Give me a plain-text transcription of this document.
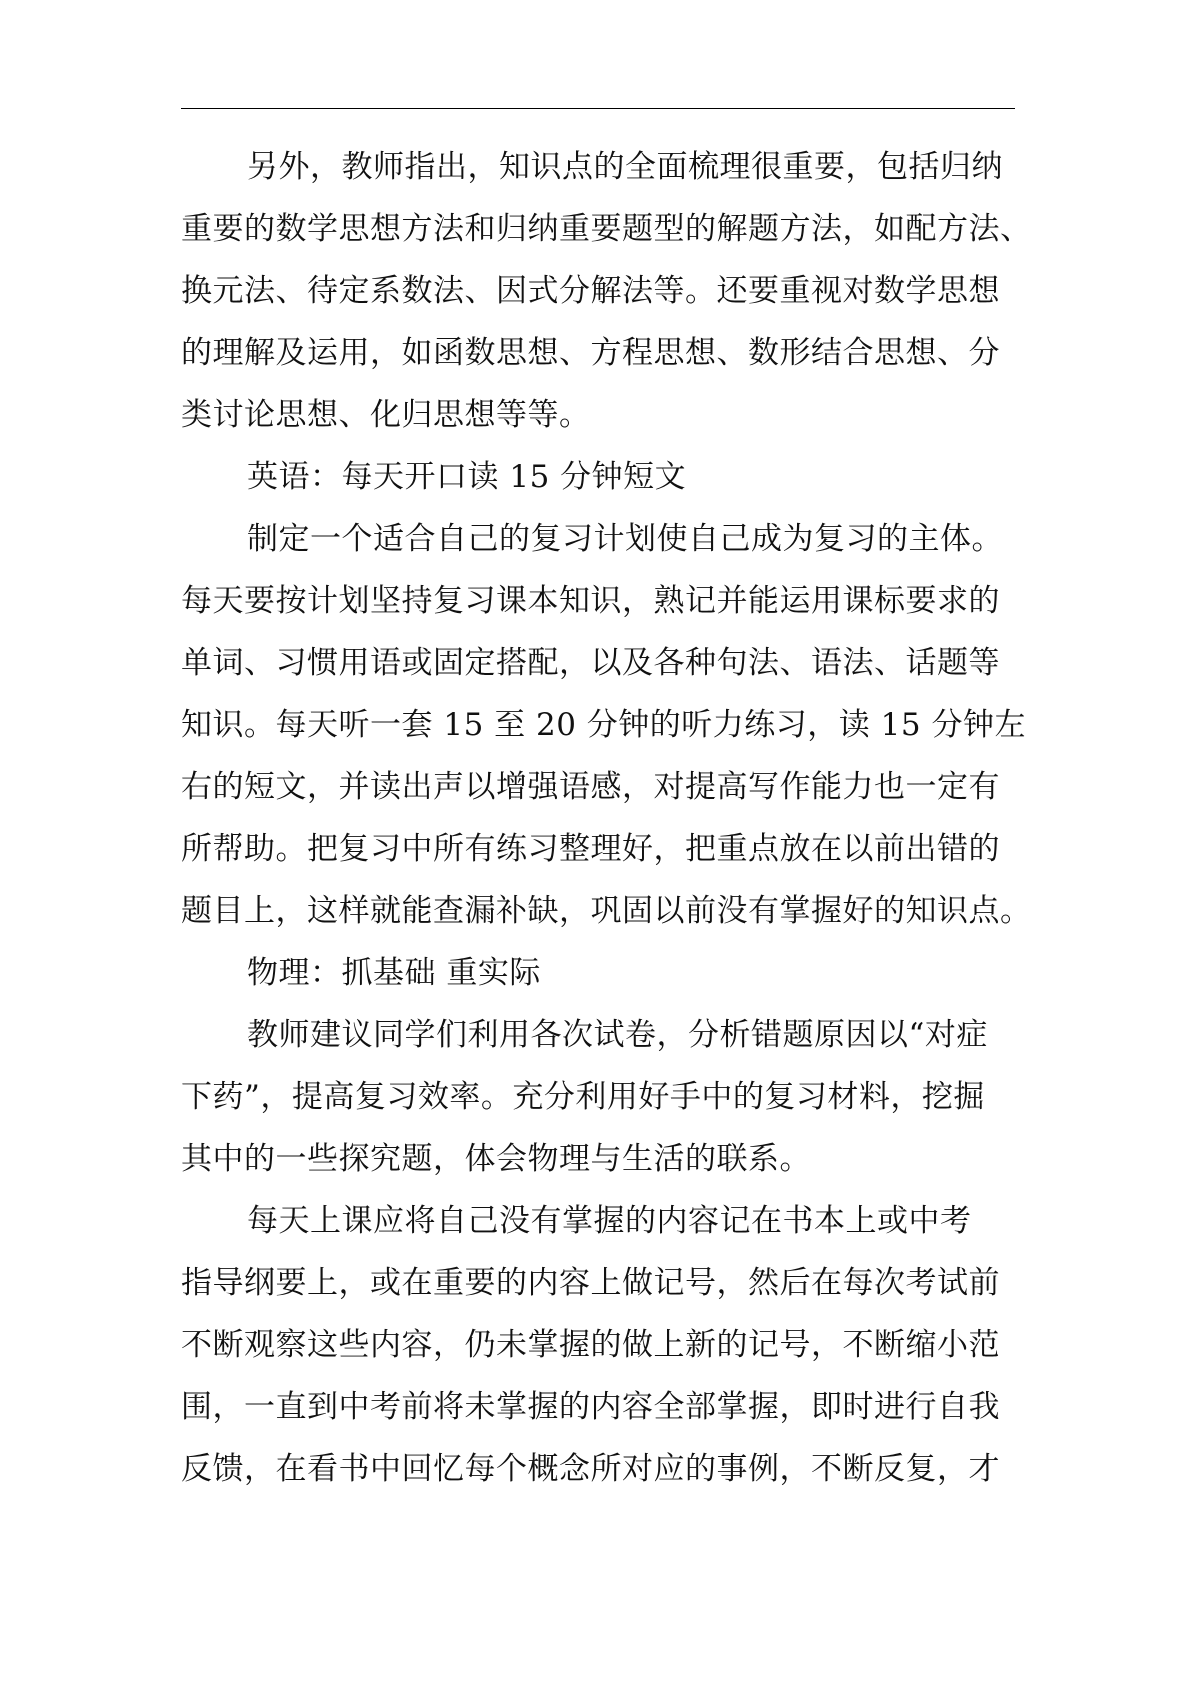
另外，教师指出，知识点的全面梳理很重要，包括归纳
重要的数学思想方法和归纳重要题型的解题方法，如配方法、
换元法、待定系数法、因式分解法等。还要重视对数学思想
的理解及运用，如函数思想、方程思想、数形结合思想、分
类讨论思想、化归思想等等。
英语：每天开口读 15 分钟短文
制定一个适合自己的复习计划使自己成为复习的主体。
每天要按计划坚持复习课本知识，熟记并能运用课标要求的
单词、习惯用语或固定搭配，以及各种句法、语法、话题等
知识。每天听一套 15 至 20 分钟的听力练习，读 15 分钟左
右的短文，并读出声以增强语感，对提高写作能力也一定有
所帮助。把复习中所有练习整理好，把重点放在以前出错的
题目上，这样就能查漏补缺，巩固以前没有掌握好的知识点。
物理：抓基础 重实际
教师建议同学们利用各次试卷，分析错题原因以“对症
下药”，提高复习效率。充分利用好手中的复习材料，挖掘
其中的一些探究题，体会物理与生活的联系。
每天上课应将自己没有掌握的内容记在书本上或中考
指导纲要上，或在重要的内容上做记号，然后在每次考试前
不断观察这些内容，仍未掌握的做上新的记号，不断缩小范
围，一直到中考前将未掌握的内容全部掌握，即时进行自我
反馈，在看书中回忆每个概念所对应的事例，不断反复，才
